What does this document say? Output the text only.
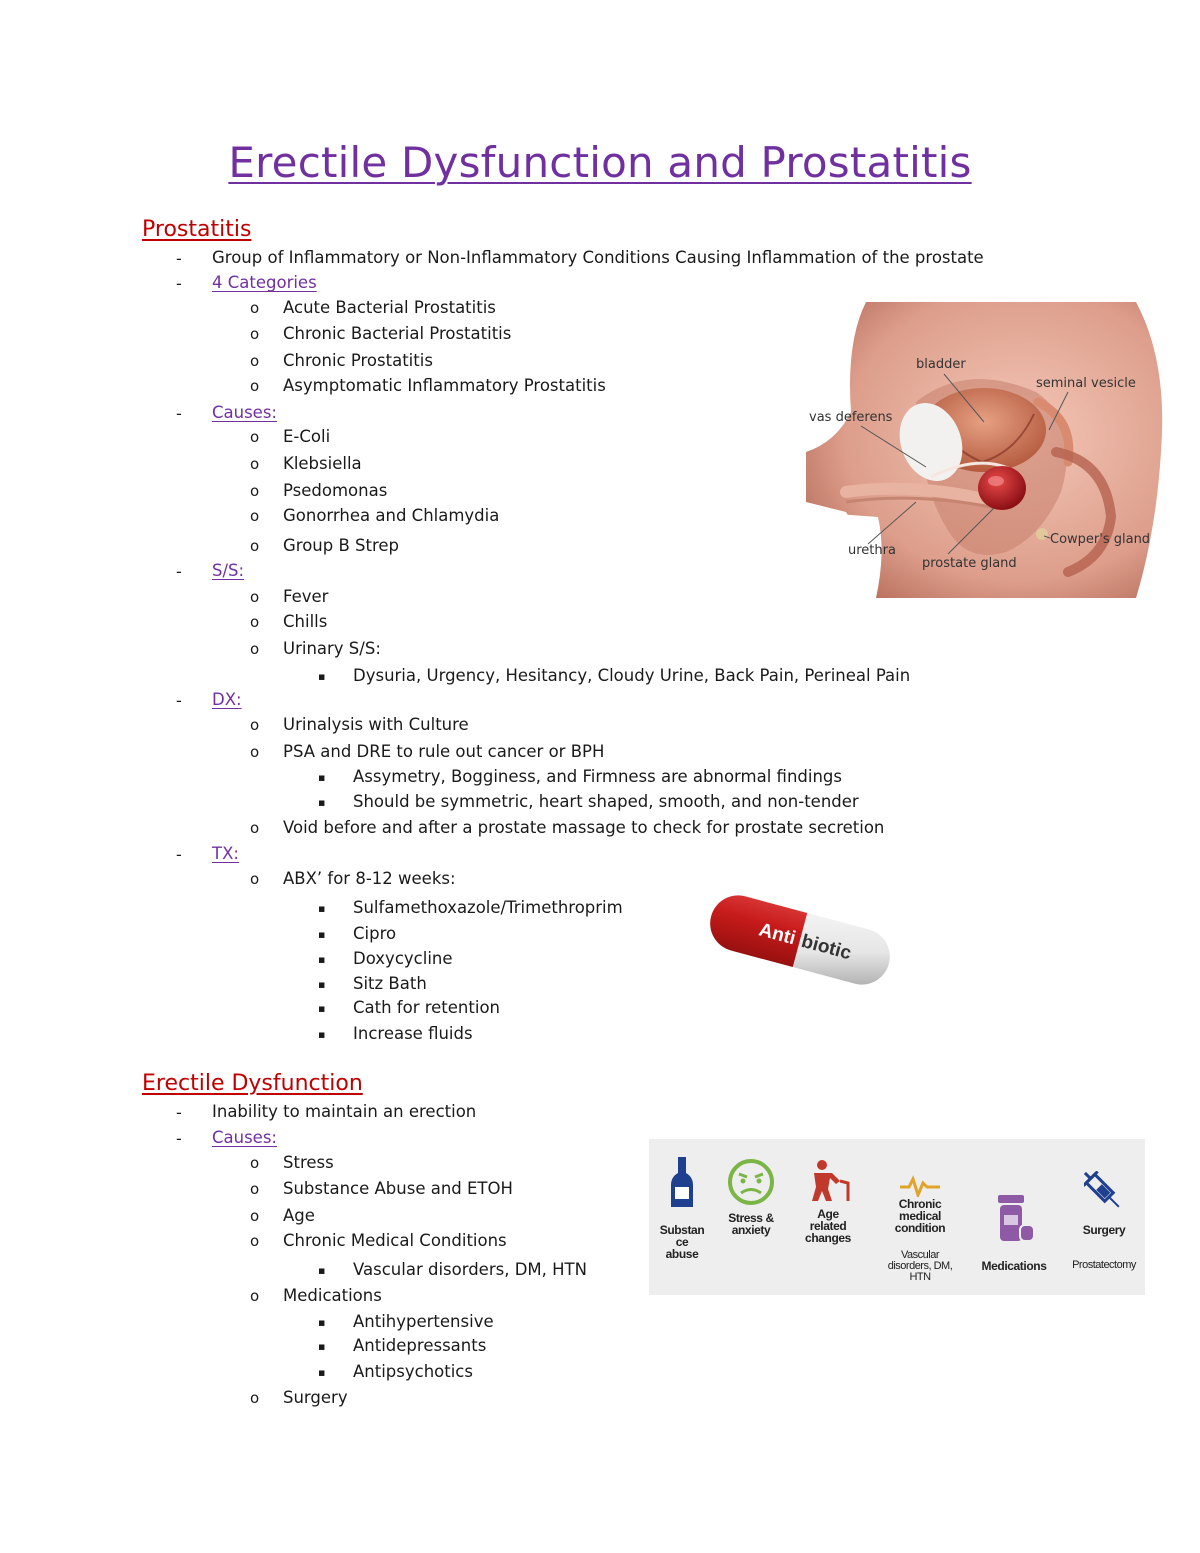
Erectile Dysfunction and Prostatitis
Prostatitis
- Group of Inflammatory or Non-Inflammatory Conditions Causing Inflammation of the prostate
- 4 Categories
o Acute Bacterial Prostatitis
o Chronic Bacterial Prostatitis
o Chronic Prostatitis
o Asymptomatic Inflammatory Prostatitis
- Causes:
o E-Coli
o Klebsiella
o Psedomonas
o Gonorrhea and Chlamydia
o Group B Strep
- S/S:
o Fever
o Chills
o Urinary S/S:
▪ Dysuria, Urgency, Hesitancy, Cloudy Urine, Back Pain, Perineal Pain
- DX:
o Urinalysis with Culture
o PSA and DRE to rule out cancer or BPH
▪ Assymetry, Bogginess, and Firmness are abnormal findings
▪ Should be symmetric, heart shaped, smooth, and non-tender
o Void before and after a prostate massage to check for prostate secretion
- TX:
o ABX’ for 8-12 weeks:
▪ Sulfamethoxazole/Trimethroprim
▪ Cipro
▪ Doxycycline
▪ Sitz Bath
▪ Cath for retention
▪ Increase fluids
bladder
seminal vesicle
vas deferens
urethra
prostate gland
Cowper's gland
Anti biotic
Erectile Dysfunction
- Inability to maintain an erection
- Causes:
o Stress
o Substance Abuse and ETOH
o Age
o Chronic Medical Conditions
▪ Vascular disorders, DM, HTN
o Medications
▪ Antihypertensive
▪ Antidepressants
▪ Antipsychotics
o Surgery
Substan
ce
abuse
Stress &
anxiety
Age
related
changes
Chronic
medical
condition
Vascular
disorders, DM,
HTN
Medications
Surgery
Prostatectomy
